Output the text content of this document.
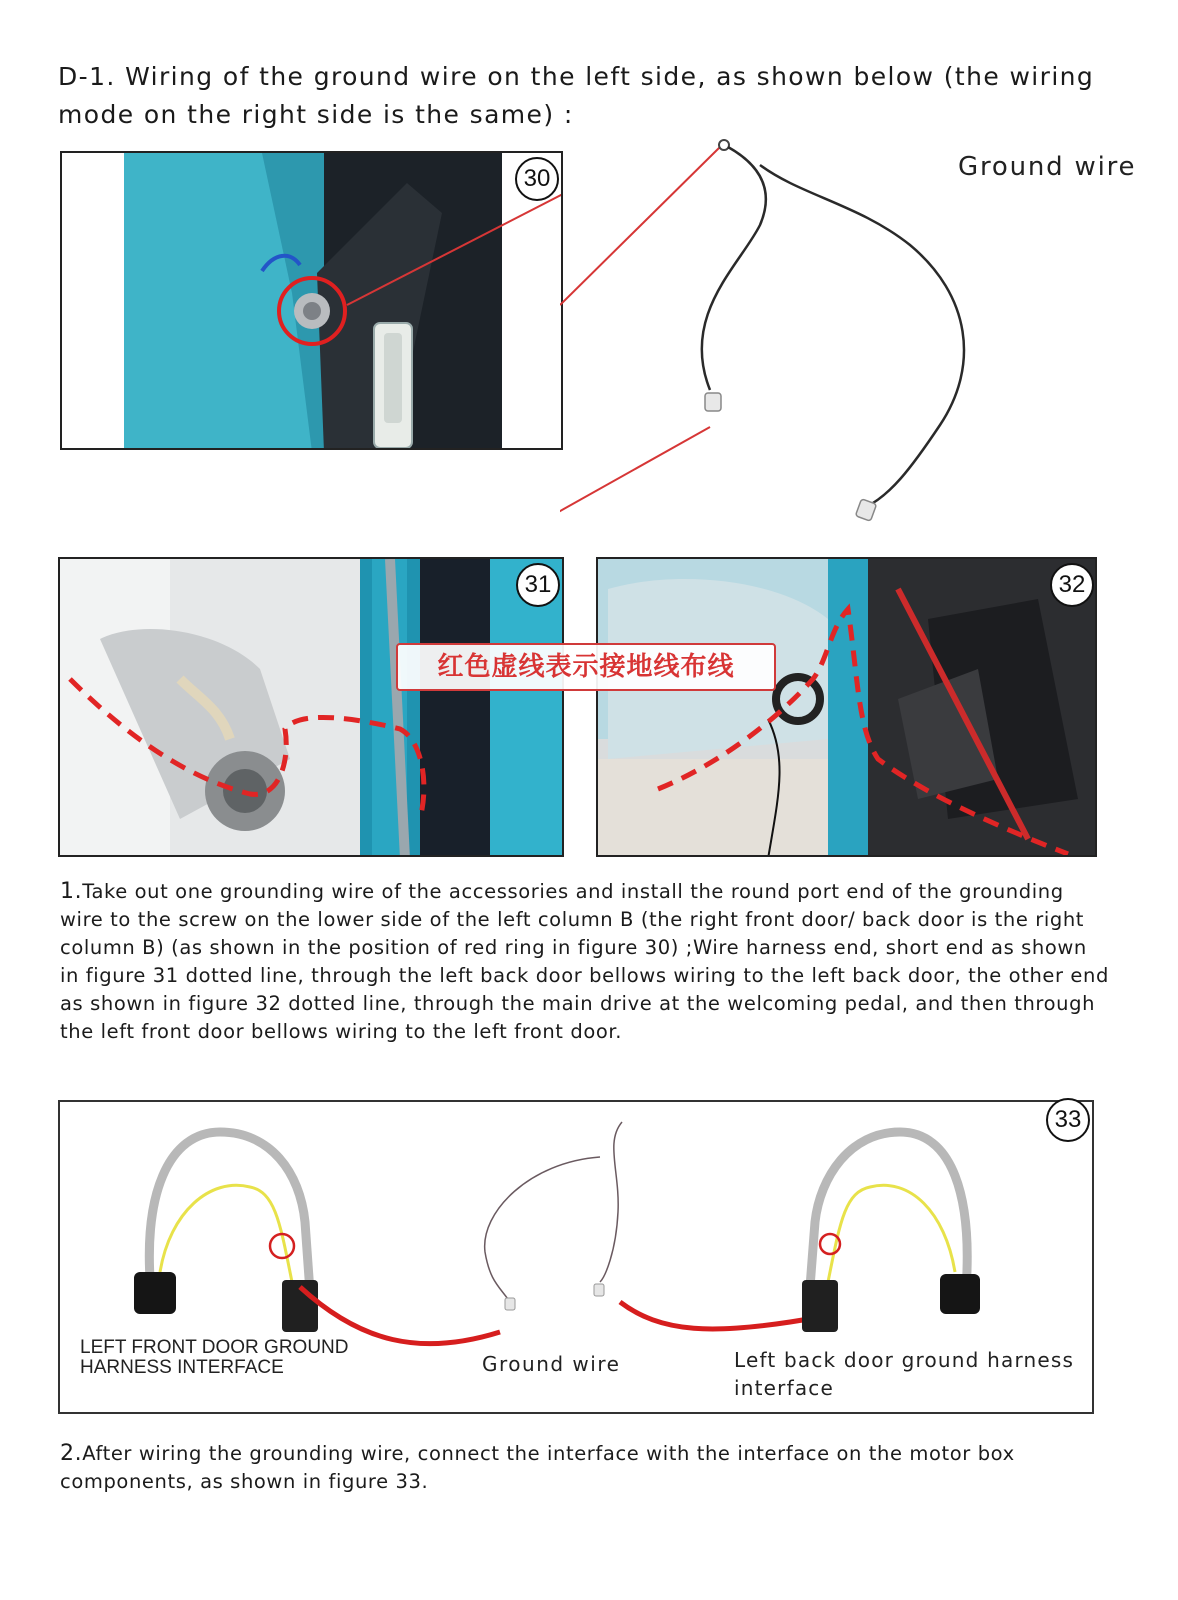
D-1. Wiring of the ground wire on the left side, as shown below (the wiring mode on the right side is the same) :
30	Ground wire
31	32
红色虚线表示接地线布线

1.Take out one grounding wire of the accessories and install the round port end of the grounding wire to the screw on the lower side of the left column B (the right front door/ back door is the right column B) (as shown in the position of red ring in figure 30) ;Wire harness end, short end as shown in figure 31 dotted line, through the left back door bellows wiring to the left back door, the other end as shown in figure 32 dotted line, through the main drive at the welcoming pedal, and then through the left front door bellows wiring to the left front door.

33
LEFT FRONT DOOR GROUND HARNESS INTERFACE	Ground wire	Left back door ground harness interface

2.After wiring the grounding wire, connect the interface with the interface on the motor box components, as shown in figure 33.
